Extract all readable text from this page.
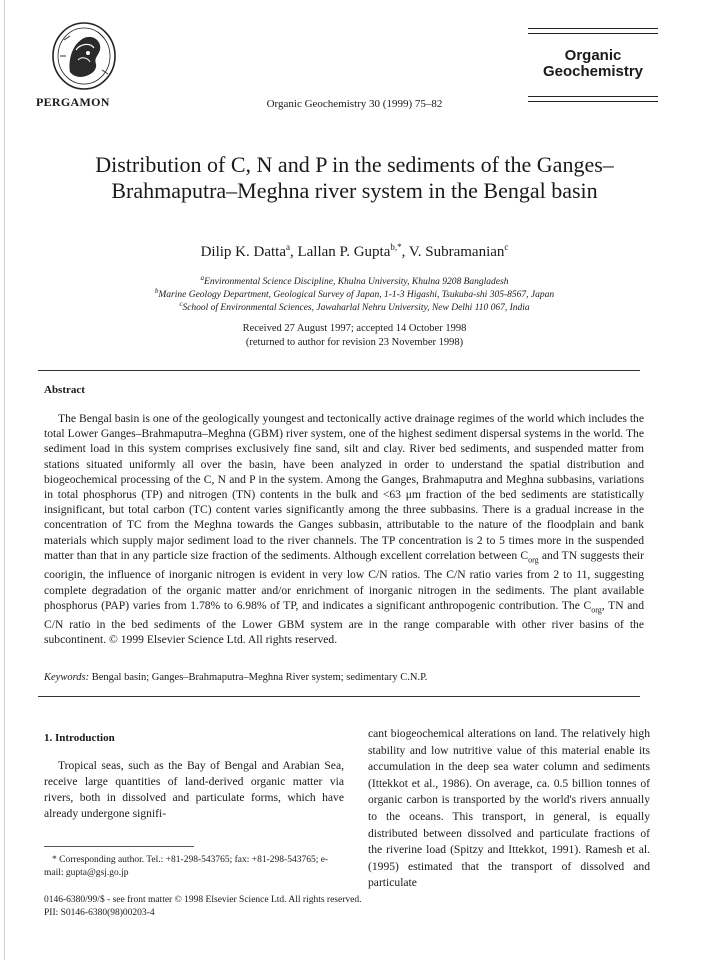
PERGAMON	Organic Geochemistry 30 (1999) 75–82
Organic
Geochemistry
Distribution of C, N and P in the sediments of the Ganges–Brahmaputra–Meghna river system in the Bengal basin
Dilip K. Datta$^a$, Lallan P. Gupta$^{b,*}$, V. Subramanian$^c$
$^a$Environmental Science Discipline, Khulna University, Khulna 9208 Bangladesh
$^b$Marine Geology Department, Geological Survey of Japan, 1-1-3 Higashi, Tsukuba-shi 305-8567, Japan
$^c$School of Environmental Sciences, Jawaharlal Nehru University, New Delhi 110 067, India
Received 27 August 1997; accepted 14 October 1998
(returned to author for revision 23 November 1998)
Abstract

The Bengal basin is one of the geologically youngest and tectonically active drainage regimes of the world which includes the total Lower Ganges–Brahmaputra–Meghna (GBM) river system, one of the highest sediment dispersal systems in the world. The sediment load in this system comprises exclusively fine sand, silt and clay. River bed sediments, and suspended matter from stations situated uniformly all over the basin, have been analyzed in order to understand the spatial distribution and biogeochemical processing of the C, N and P in the system. Among the Ganges, Brahmaputra and Meghna subbasins, variations in total phosphorus (TP) and nitrogen (TN) contents in the bulk and <63 μm fraction of the bed sediments are statistically insignificant, but total carbon (TC) content varies significantly among the three subbasins. There is a gradual increase in the concentration of TC from the Meghna towards the Ganges subbasin, attributable to the nature of the floodplain and bank materials which supply major sediment load to the river channels. The TP concentration is 2 to 5 times more in the suspended matter than that in any particle size fraction of the sediments. Although excellent correlation between $C_{org}$ and TN suggests their coorigin, the influence of inorganic nitrogen is evident in very low C/N ratios. The C/N ratio varies from 2 to 11, suggesting complete degradation of the organic matter and/or enrichment of inorganic nitrogen in the sediments. The plant available phosphorus (PAP) varies from 1.78% to 6.98% of TP, and indicates a significant anthropogenic contribution. The $C_{org}$, TN and C/N ratio in the bed sediments of the Lower GBM system are in the range comparable with other river basins of the subcontinent. © 1999 Elsevier Science Ltd. All rights reserved.

Keywords: Bengal basin; Ganges–Brahmaputra–Meghna River system; sedimentary C.N.P.
1. Introduction

Tropical seas, such as the Bay of Bengal and Arabian Sea, receive large quantities of land-derived organic matter via rivers, both in dissolved and particulate forms, which have already undergone signifi-

cant biogeochemical alterations on land. The relatively high stability and low nutritive value of this material enable its accumulation in the deep sea water column and sediments (Ittekkot et al., 1986). On average, ca. 0.5 billion tonnes of organic carbon is transported by the world's rivers annually to the oceans. This transport, in general, is equally distributed between dissolved and particulate fractions of the riverine load (Spitzy and Ittekkot, 1991). Ramesh et al. (1995) estimated that the transport of dissolved and particulate

* Corresponding author. Tel.: +81-298-543765; fax: +81-298-543765; e-mail: gupta@gsj.go.jp

0146-6380/99/$ - see front matter © 1998 Elsevier Science Ltd. All rights reserved.
PII: S0146-6380(98)00203-4
